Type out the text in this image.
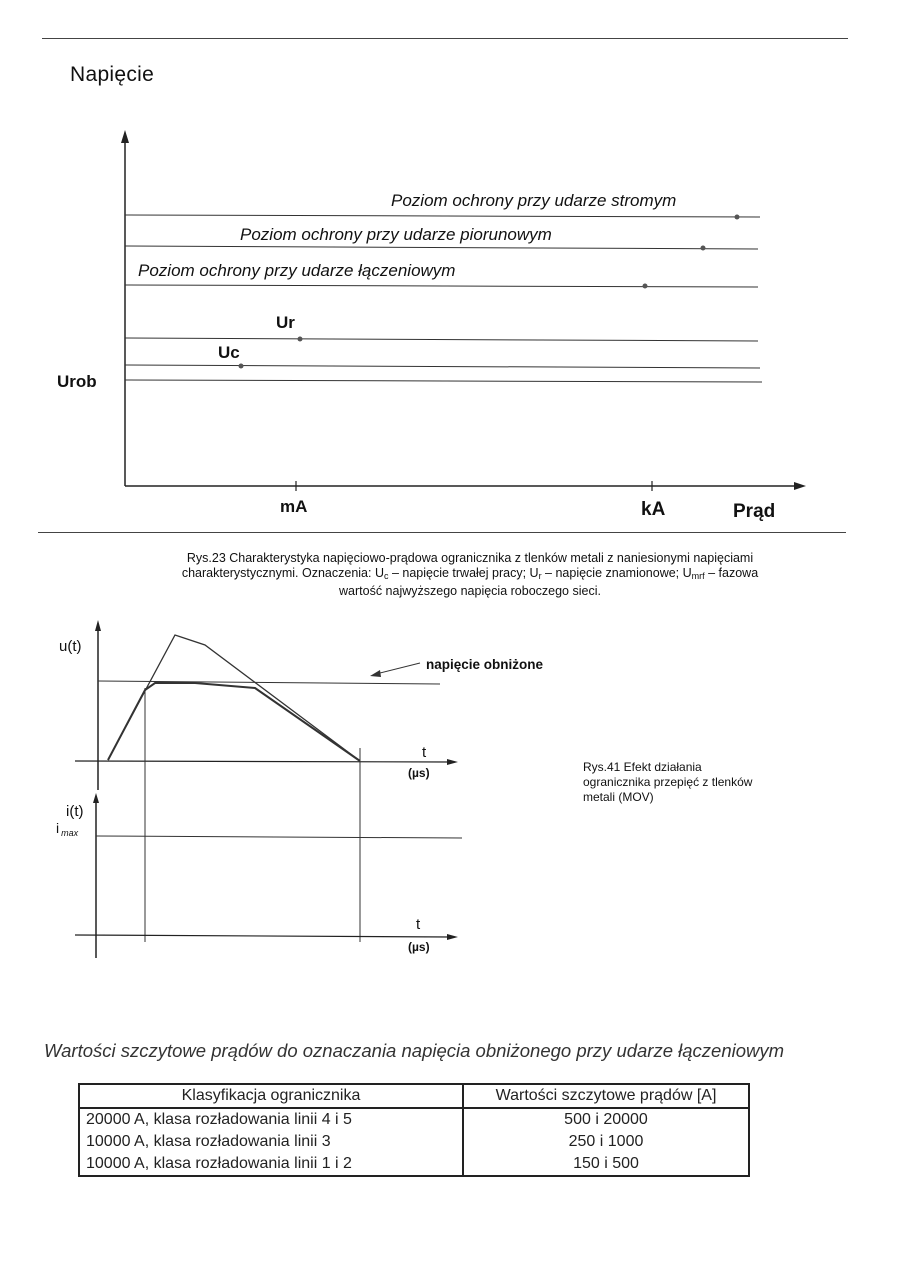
Napięcie
Poziom ochrony przy udarze stromym
Poziom ochrony przy udarze piorunowym
Poziom ochrony przy udarze łączeniowym
Ur
Uc
Urob
mA	kA	Prąd
Rys.23 Charakterystyka napięciowo-prądowa ogranicznika z tlenków metali z naniesionymi napięciami
charakterystycznymi. Oznaczenia: $U_c$ – napięcie trwałej pracy; $U_r$ – napięcie znamionowe; $U_{mrf}$ – fazowa
wartość najwyższego napięcia roboczego sieci.
u(t)
napięcie obniżone
t
(µs)
i(t)
i $_{max}$
t
(µs)
Rys.41 Efekt działania
ogranicznika przepięć z tlenków
metali (MOV)
Wartości szczytowe prądów do oznaczania napięcia obniżonego przy udarze łączeniowym
Klasyfikacja ogranicznika	Wartości szczytowe prądów [A]
20000 A, klasa rozładowania linii 4 i 5	500 i 20000
10000 A, klasa rozładowania linii 3	250 i 1000
10000 A, klasa rozładowania linii 1 i 2	150 i 500
